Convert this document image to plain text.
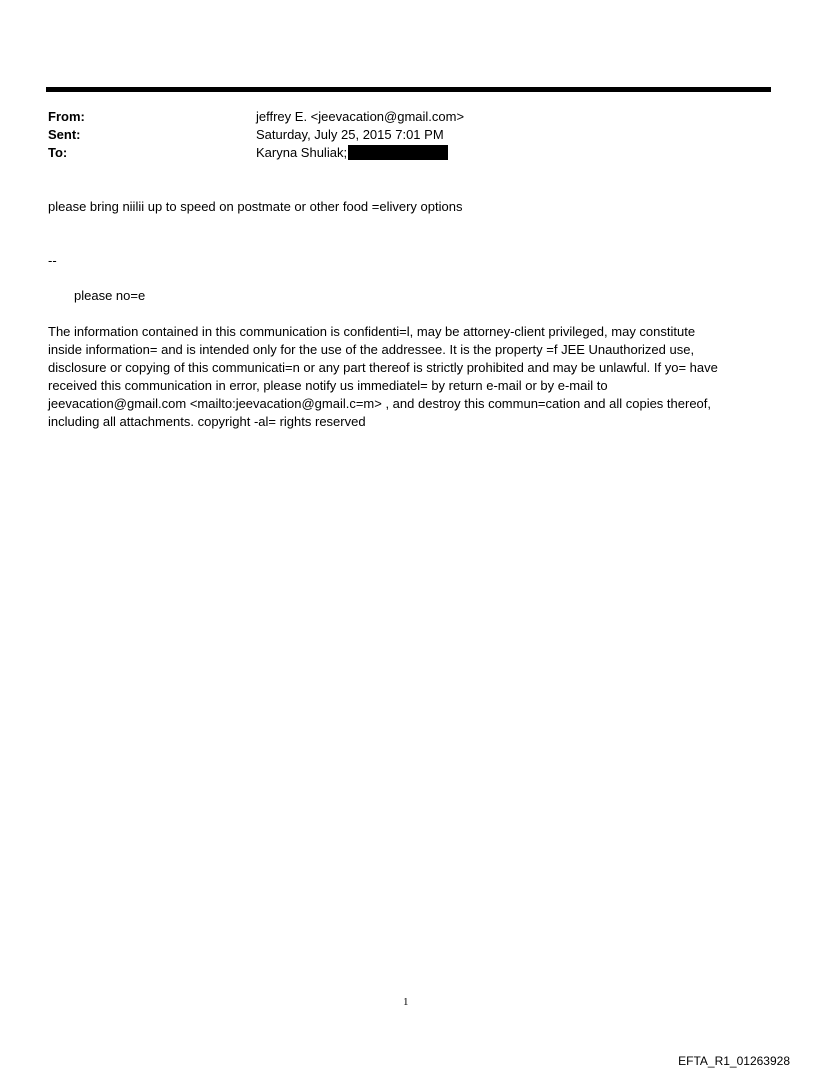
From:	jeffrey E. <jeevacation@gmail.com>
Sent:	Saturday, July 25, 2015 7:01 PM
To:	Karyna Shuliak;
please bring niilii up to speed on postmate or other food =elivery options
--
please no=e
The information contained in this communication is confidenti=l, may be attorney-client privileged, may constitute
inside information= and is intended only for the use of the addressee. It is the property =f JEE Unauthorized use,
disclosure or copying of this communicati=n or any part thereof is strictly prohibited and may be unlawful. If yo= have
received this communication in error, please notify us immediatel= by return e-mail or by e-mail to
jeevacation@gmail.com <mailto:jeevacation@gmail.c=m> , and destroy this commun=cation and all copies thereof,
including all attachments. copyright -al= rights reserved
1
EFTA_R1_01263928
